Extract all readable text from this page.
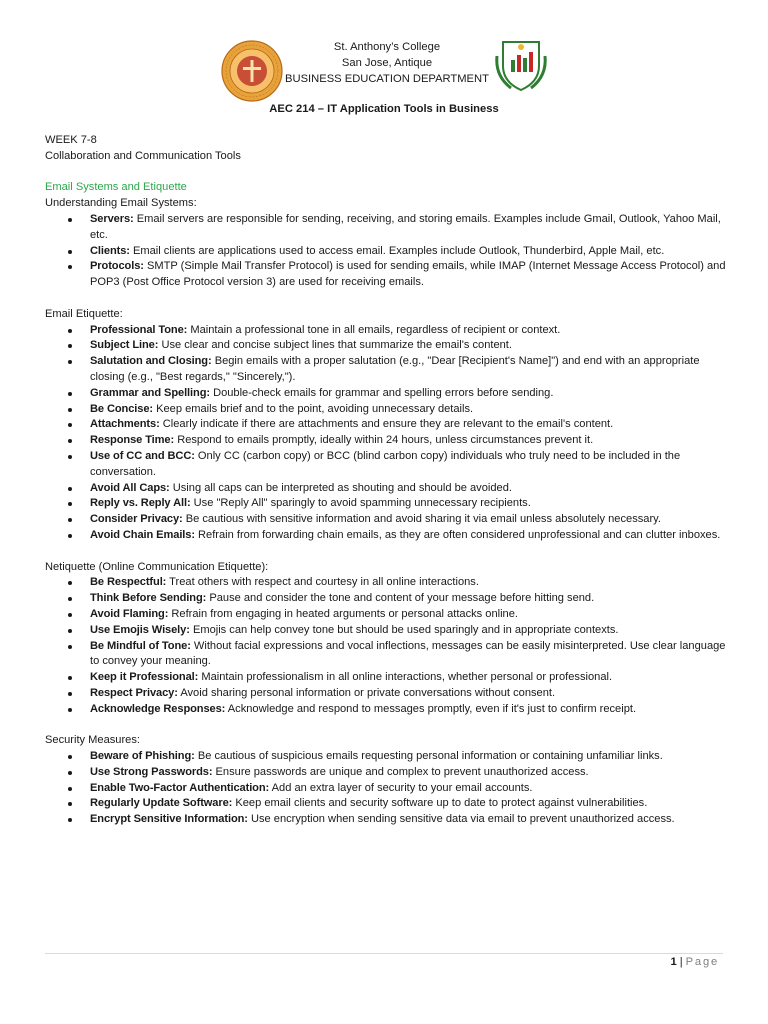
St. Anthony’s College
San Jose, Antique
BUSINESS EDUCATION DEPARTMENT
AEC 214 – IT Application Tools in Business

WEEK 7-8

Collaboration and Communication Tools

Email Systems and Etiquette

Understanding Email Systems:

Servers: Email servers are responsible for sending, receiving, and storing emails. Examples include Gmail, Outlook, Yahoo Mail, etc.
Clients: Email clients are applications used to access email. Examples include Outlook, Thunderbird, Apple Mail, etc.
Protocols: SMTP (Simple Mail Transfer Protocol) is used for sending emails, while IMAP (Internet Message Access Protocol) and POP3 (Post Office Protocol version 3) are used for receiving emails.

Email Etiquette:

Professional Tone: Maintain a professional tone in all emails, regardless of recipient or context.
Subject Line: Use clear and concise subject lines that summarize the email's content.
Salutation and Closing: Begin emails with a proper salutation (e.g., "Dear [Recipient's Name]") and end with an appropriate closing (e.g., "Best regards," "Sincerely,").
Grammar and Spelling: Double-check emails for grammar and spelling errors before sending.
Be Concise: Keep emails brief and to the point, avoiding unnecessary details.
Attachments: Clearly indicate if there are attachments and ensure they are relevant to the email's content.
Response Time: Respond to emails promptly, ideally within 24 hours, unless circumstances prevent it.
Use of CC and BCC: Only CC (carbon copy) or BCC (blind carbon copy) individuals who truly need to be included in the conversation.
Avoid All Caps: Using all caps can be interpreted as shouting and should be avoided.
Reply vs. Reply All: Use "Reply All" sparingly to avoid spamming unnecessary recipients.
Consider Privacy: Be cautious with sensitive information and avoid sharing it via email unless absolutely necessary.
Avoid Chain Emails: Refrain from forwarding chain emails, as they are often considered unprofessional and can clutter inboxes.

Netiquette (Online Communication Etiquette):

Be Respectful: Treat others with respect and courtesy in all online interactions.
Think Before Sending: Pause and consider the tone and content of your message before hitting send.
Avoid Flaming: Refrain from engaging in heated arguments or personal attacks online.
Use Emojis Wisely: Emojis can help convey tone but should be used sparingly and in appropriate contexts.
Be Mindful of Tone: Without facial expressions and vocal inflections, messages can be easily misinterpreted. Use clear language to convey your meaning.
Keep it Professional: Maintain professionalism in all online interactions, whether personal or professional.
Respect Privacy: Avoid sharing personal information or private conversations without consent.
Acknowledge Responses: Acknowledge and respond to messages promptly, even if it's just to confirm receipt.

Security Measures:

Beware of Phishing: Be cautious of suspicious emails requesting personal information or containing unfamiliar links.
Use Strong Passwords: Ensure passwords are unique and complex to prevent unauthorized access.
Enable Two-Factor Authentication: Add an extra layer of security to your email accounts.
Regularly Update Software: Keep email clients and security software up to date to protect against vulnerabilities.
Encrypt Sensitive Information: Use encryption when sending sensitive data via email to prevent unauthorized access.
1 | Page
